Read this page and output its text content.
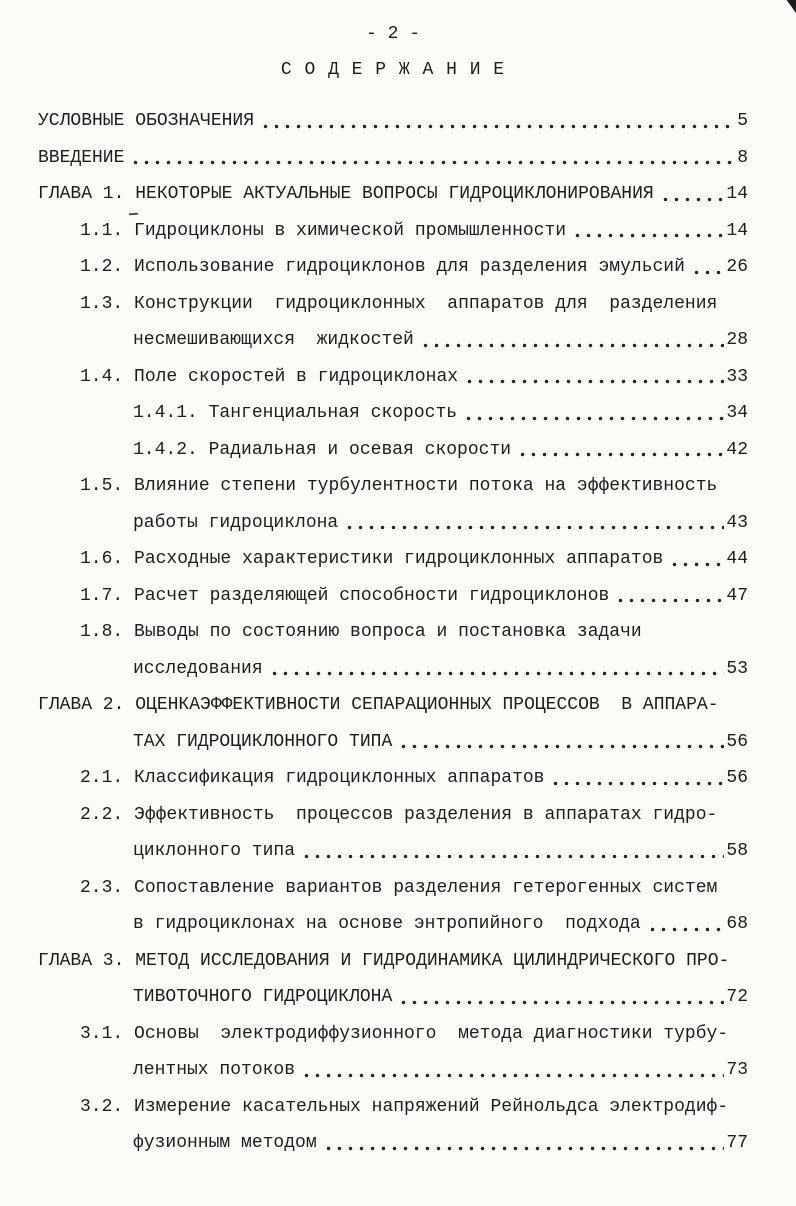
- 2 -
С О Д Е Р Ж А Н И Е
УСЛОВНЫЕ ОБОЗНАЧЕНИЯ	5
ВВЕДЕНИЕ	8
ГЛАВА 1. НЕКОТОРЫЕ АКТУАЛЬНЫЕ ВОПРОСЫ ГИДРОЦИКЛОНИРОВАНИЯ	14
1.1. Гидроциклоны в химической промышленности	14
1.2. Использование гидроциклонов для разделения эмульсий 26
1.3. Конструкции  гидроциклонных  аппаратов для  разделения
несмешивающихся  жидкостей	28
1.4. Поле скоростей в гидроциклонах	33
1.4.1. Тангенциальная скорость	34
1.4.2. Радиальная и осевая скорости	42
1.5. Влияние степени турбулентности потока на эффективность
работы гидроциклона	43
1.6. Расходные характеристики гидроциклонных аппаратов	44
1.7. Расчет разделяющей способности гидроциклонов	47
1.8. Выводы по состоянию вопроса и постановка задачи
исследования	53
ГЛАВА 2. ОЦЕНКАЭФФЕКТИВНОСТИ СЕПАРАЦИОННЫХ ПРОЦЕССОВ  В АППАРА-
ТАХ ГИДРОЦИКЛОННОГО ТИПА	56
2.1. Классификация гидроциклонных аппаратов	56
2.2. Эффективность  процессов разделения в аппаратах гидро-
циклонного типа	58
2.3. Сопоставление вариантов разделения гетерогенных систем
в гидроциклонах на основе энтропийного  подхода	68
ГЛАВА 3. МЕТОД ИССЛЕДОВАНИЯ И ГИДРОДИНАМИКА ЦИЛИНДРИЧЕСКОГО ПРО-
ТИВОТОЧНОГО ГИДРОЦИКЛОНА	72
3.1. Основы  электродиффузионного  метода диагностики турбу-
лентных потоков	73
3.2. Измерение касательных напряжений Рейнольдса электродиф-
фузионным методом	77
